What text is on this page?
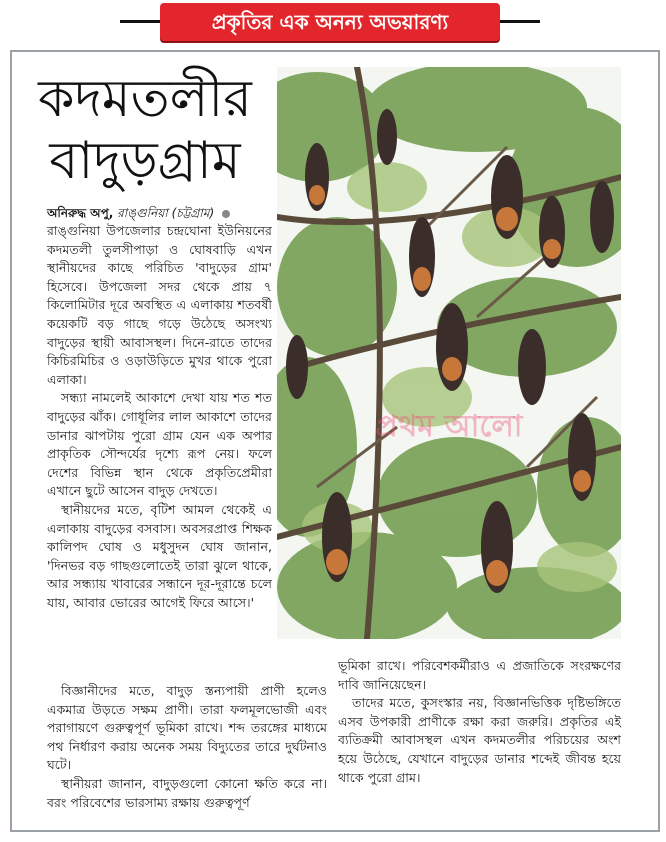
প্রকৃতির এক অনন্য অভয়ারণ্য
কদমতলীর
বাদুড়গ্রাম
অনিরুদ্ধ অপু, রাঙ্গুনিয়া (চট্টগ্রাম)

রাঙ্গুনিয়া উপজেলার চন্দ্রঘোনা ইউনিয়নের কদমতলী তুলসীপাড়া ও ঘোষবাড়ি এখন স্থানীয়দের কাছে পরিচিত 'বাদুড়ের গ্রাম' হিসেবে। উপজেলা সদর থেকে প্রায় ৭ কিলোমিটার দূরে অবস্থিত এ এলাকায় শতবর্ষী কয়েকটি বড় গাছে গড়ে উঠেছে অসংখ্য বাদুড়ের স্থায়ী আবাসস্থল। দিনে-রাতে তাদের কিচিরমিচির ও ওড়াউড়িতে মুখর থাকে পুরো এলাকা।

সন্ধ্যা নামলেই আকাশে দেখা যায় শত শত বাদুড়ের ঝাঁক। গোধূলির লাল আকাশে তাদের ডানার ঝাপটায় পুরো গ্রাম যেন এক অপার প্রাকৃতিক সৌন্দর্যের দৃশ্যে রূপ নেয়। ফলে দেশের বিভিন্ন স্থান থেকে প্রকৃতিপ্রেমীরা এখানে ছুটে আসেন বাদুড় দেখতে।

স্থানীয়দের মতে, বৃটিশ আমল থেকেই এ এলাকায় বাদুড়ের বসবাস। অবসরপ্রাপ্ত শিক্ষক কালিপদ ঘোষ ও মধুসুদন ঘোষ জানান, 'দিনভর বড় গাছগুলোতেই তারা ঝুলে থাকে, আর সন্ধ্যায় খাবারের সন্ধানে দূর-দূরান্তে চলে যায়, আবার ভোরের আগেই ফিরে আসে।'

প্রথম আলো

বিজ্ঞানীদের মতে, বাদুড় স্তন্যপায়ী প্রাণী হলেও একমাত্র উড়তে সক্ষম প্রাণী। তারা ফলমূলভোজী এবং পরাগায়ণে গুরুত্বপূর্ণ ভূমিকা রাখে। শব্দ তরঙ্গের মাধ্যমে পথ নির্ধারণ করায় অনেক সময় বিদ্যুতের তারে দুর্ঘটনাও ঘটে।

স্থানীয়রা জানান, বাদুড়গুলো কোনো ক্ষতি করে না। বরং পরিবেশের ভারসাম্য রক্ষায় গুরুত্বপূর্ণ

ভূমিকা রাখে। পরিবেশকর্মীরাও এ প্রজাতিকে সংরক্ষণের দাবি জানিয়েছেন।

তাদের মতে, কুসংস্কার নয়, বিজ্ঞানভিত্তিক দৃষ্টিভঙ্গিতে এসব উপকারী প্রাণীকে রক্ষা করা জরুরি। প্রকৃতির এই ব্যতিক্রমী আবাসস্থল এখন কদমতলীর পরিচয়ের অংশ হয়ে উঠেছে, যেখানে বাদুড়ের ডানার শব্দেই জীবন্ত হয়ে থাকে পুরো গ্রাম।
